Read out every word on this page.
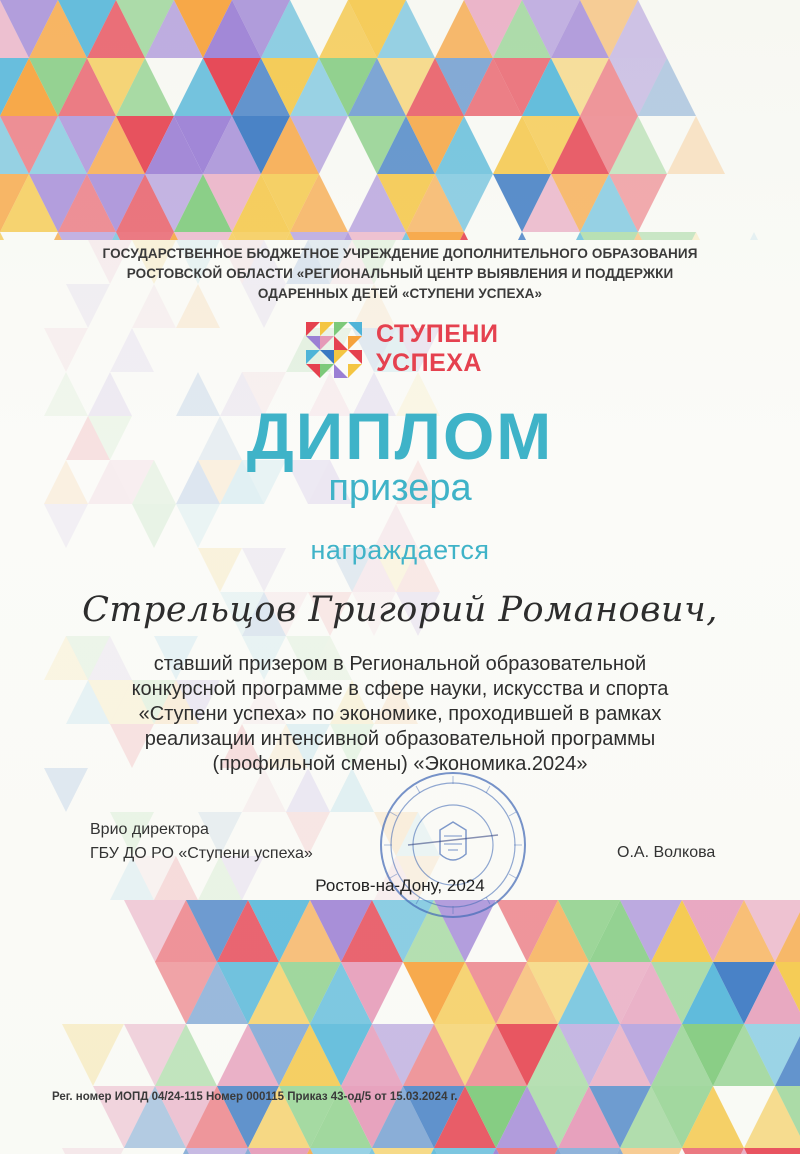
ГОСУДАРСТВЕННОЕ БЮДЖЕТНОЕ УЧРЕЖДЕНИЕ ДОПОЛНИТЕЛЬНОГО ОБРАЗОВАНИЯ
РОСТОВСКОЙ ОБЛАСТИ «РЕГИОНАЛЬНЫЙ ЦЕНТР ВЫЯВЛЕНИЯ И ПОДДЕРЖКИ
ОДАРЕННЫХ ДЕТЕЙ «СТУПЕНИ УСПЕХА»
СТУПЕНИ
УСПЕХА
ДИПЛОМ
призера
награждается
Стрельцов Григорий Романович,
ставший призером в Региональной образовательной
конкурсной программе в сфере науки, искусства и спорта
«Ступени успеха» по экономике, проходившей в рамках
реализации интенсивной образовательной программы
(профильной смены) «Экономика.2024»
Врио директора
ГБУ ДО РО «Ступени успеха»	О.А. Волкова
Ростов-на-Дону, 2024
Рег. номер ИОПД 04/24-115 Номер 000115 Приказ 43-од/5 от 15.03.2024 г.
